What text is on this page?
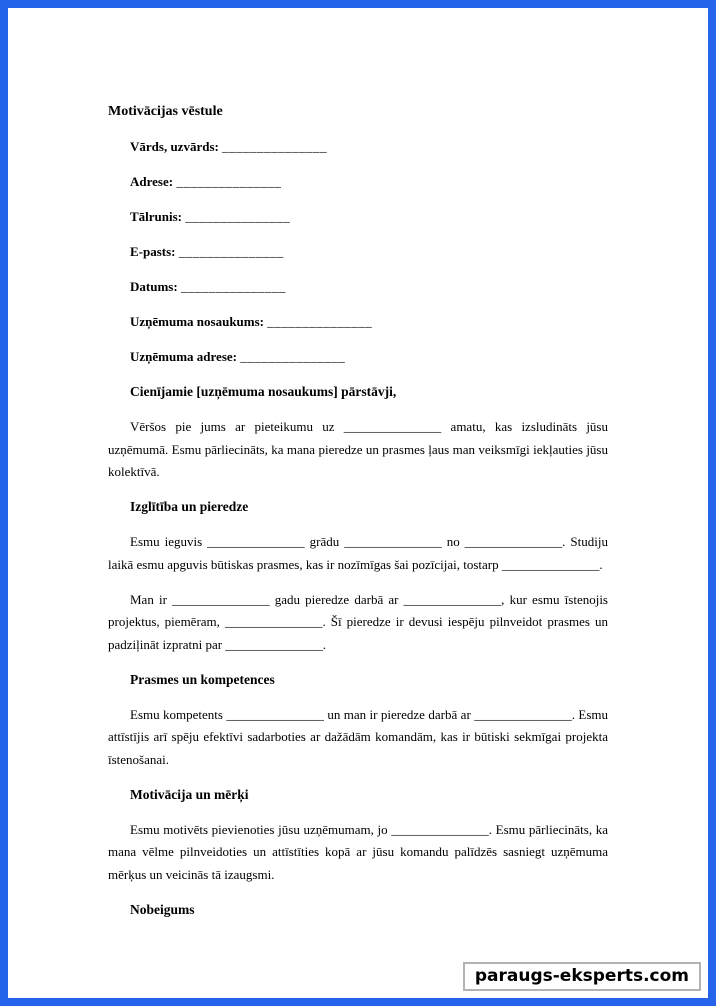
Motivācijas vēstule
Vārds, uzvārds: _______________
Adrese: _______________
Tālrunis: _______________
E-pasts: _______________
Datums: _______________
Uzņēmuma nosaukums: _______________
Uzņēmuma adrese: _______________
Cienījamie [uzņēmuma nosaukums] pārstāvji,

Vēršos pie jums ar pieteikumu uz _______________ amatu, kas izsludināts jūsu uzņēmumā. Esmu pārliecināts, ka mana pieredze un prasmes ļaus man veiksmīgi iekļauties jūsu kolektīvā.

Izglītība un pieredze

Esmu ieguvis _______________ grādu _______________ no _______________. Studiju laikā esmu apguvis būtiskas prasmes, kas ir nozīmīgas šai pozīcijai, tostarp _______________.

Man ir _______________ gadu pieredze darbā ar _______________, kur esmu īstenojis projektus, piemēram, _______________. Šī pieredze ir devusi iespēju pilnveidot prasmes un padziļināt izpratni par _______________.

Prasmes un kompetences

Esmu kompetents _______________ un man ir pieredze darbā ar _______________. Esmu attīstījis arī spēju efektīvi sadarboties ar dažādām komandām, kas ir būtiski sekmīgai projekta īstenošanai.

Motivācija un mērķi

Esmu motivēts pievienoties jūsu uzņēmumam, jo _______________. Esmu pārliecināts, ka mana vēlme pilnveidoties un attīstīties kopā ar jūsu komandu palīdzēs sasniegt uzņēmuma mērķus un veicinās tā izaugsmi.

Nobeigums
paraugs-eksperts.com
